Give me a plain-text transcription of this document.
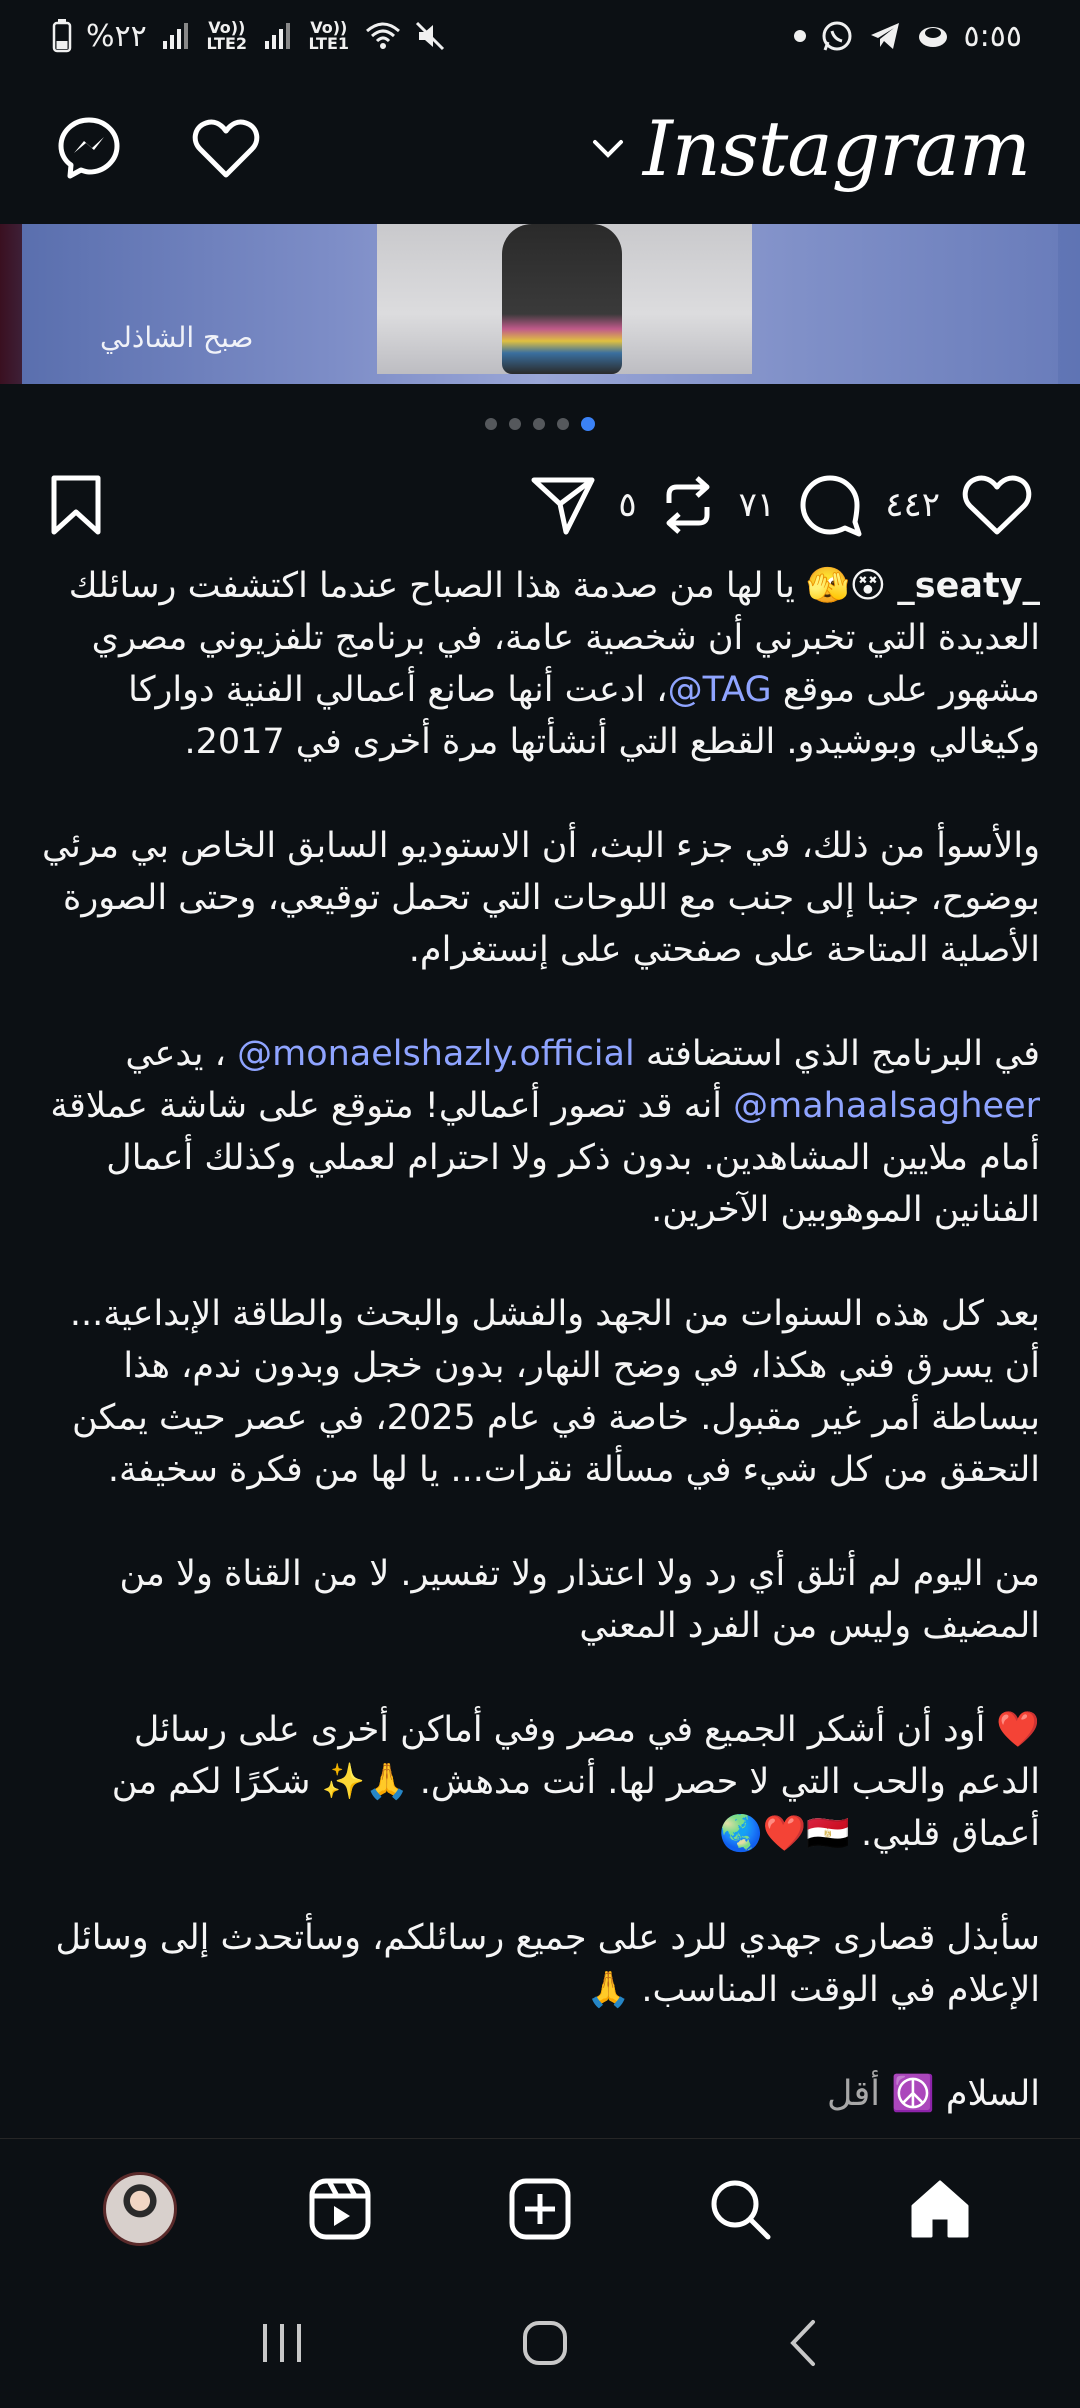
%٢٢	Vo)) LTE2
Vo)) LTE1	٥:٥٥
Instagram
صبح الشاذلي
٥	٧١	٤٤٢

_seaty_ 😵🫣 يا لها من صدمة هذا الصباح عندما اكتشفت رسائلك العديدة التي تخبرني أن شخصية عامة، في برنامج تلفزيوني مصري مشهور على موقع TAG@، ادعت أنها صانع أعمالي الفنية دواركا وكيغالي وبوشيدو. القطع التي أنشأتها مرة أخرى في 2017.

والأسوأ من ذلك، في جزء البث، أن الاستوديو السابق الخاص بي مرئي بوضوح، جنبا إلى جنب مع اللوحات التي تحمل توقيعي، وحتى الصورة الأصلية المتاحة على صفحتي على إنستغرام.

في البرنامج الذي استضافته monaelshazly.official@ ، يدعي mahaalsagheer@ أنه قد تصور أعمالي! متوقع على شاشة عملاقة أمام ملايين المشاهدين. بدون ذكر ولا احترام لعملي وكذلك أعمال الفنانين الموهوبين الآخرين.

بعد كل هذه السنوات من الجهد والفشل والبحث والطاقة الإبداعية... أن يسرق فني هكذا، في وضح النهار، بدون خجل وبدون ندم، هذا ببساطة أمر غير مقبول. خاصة في عام 2025، في عصر حيث يمكن التحقق من كل شيء في مسألة نقرات... يا لها من فكرة سخيفة.

من اليوم لم أتلق أي رد ولا اعتذار ولا تفسير. لا من القناة ولا من المضيف وليس من الفرد المعني

❤️ أود أن أشكر الجميع في مصر وفي أماكن أخرى على رسائل الدعم والحب التي لا حصر لها. أنت مدهش. 🙏✨ شكرًا لكم من أعماق قلبي. 🇪🇬❤️🌏

سأبذل قصارى جهدي للرد على جميع رسائلكم، وسأتحدث إلى وسائل الإعلام في الوقت المناسب. 🙏

السلام ☮️ أقل
